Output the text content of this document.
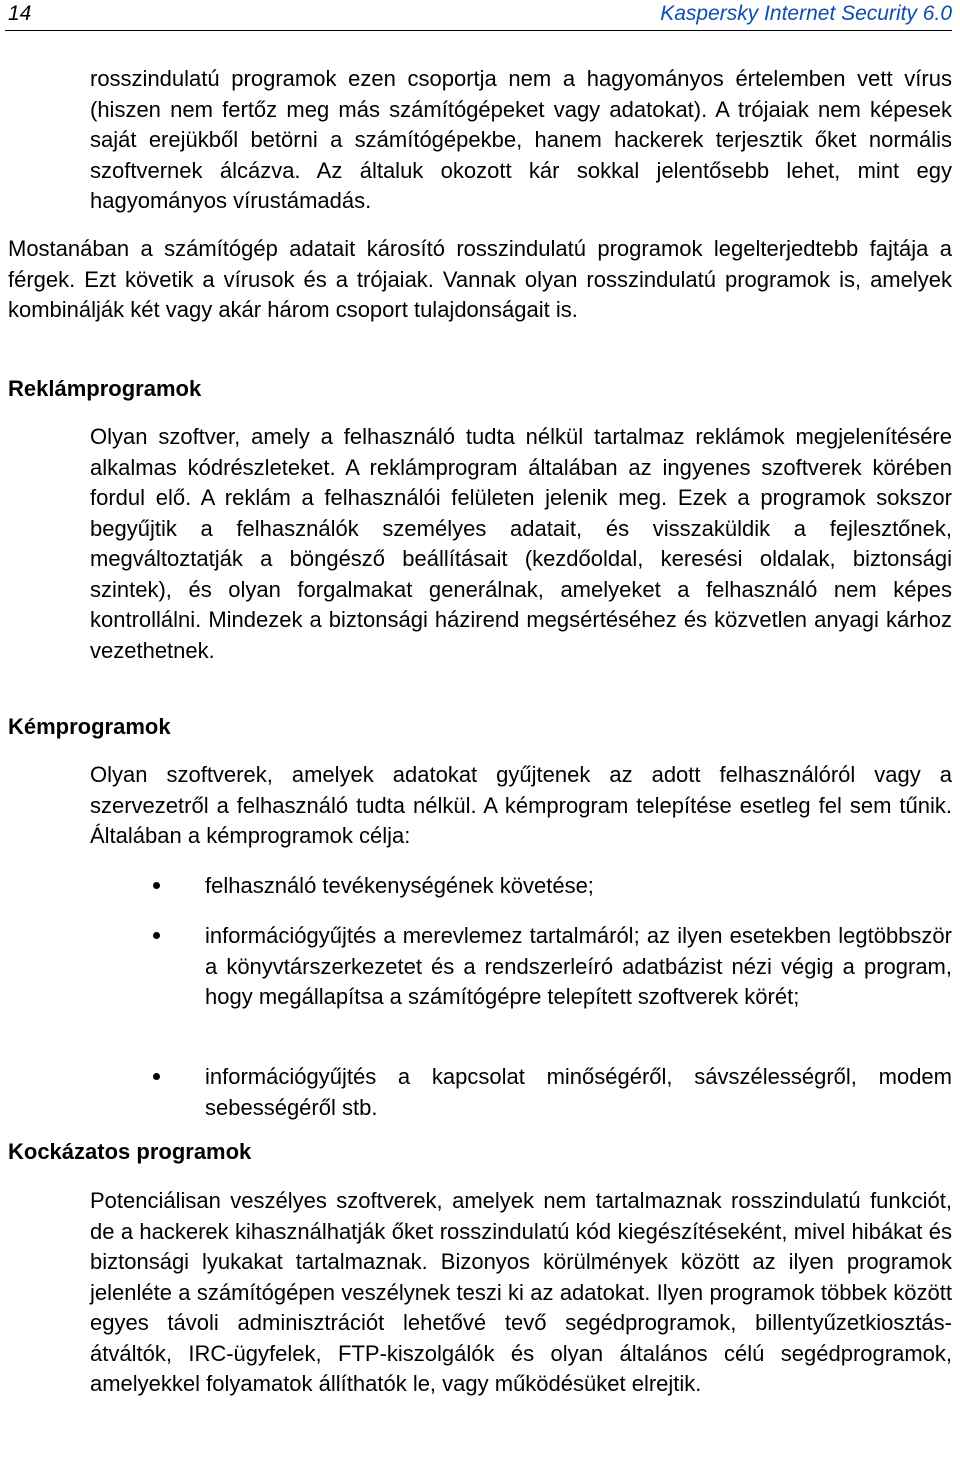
14	Kaspersky Internet Security 6.0

rosszindulatú programok ezen csoportja nem a hagyományos értelemben vett vírus (hiszen nem fertőz meg más számítógépeket vagy adatokat). A trójaiak nem képesek saját erejükből betörni a számítógépekbe, hanem hackerek terjesztik őket normális szoftvernek álcázva. Az általuk okozott kár sokkal jelentősebb lehet, mint egy hagyományos vírustámadás.

Mostanában a számítógép adatait károsító rosszindulatú programok legelterjedtebb fajtája a férgek. Ezt követik a vírusok és a trójaiak. Vannak olyan rosszindulatú programok is, amelyek kombinálják két vagy akár három csoport tulajdonságait is.

Reklámprogramok

Olyan szoftver, amely a felhasználó tudta nélkül tartalmaz reklámok megjelenítésére alkalmas kódrészleteket. A reklámprogram általában az ingyenes szoftverek körében fordul elő. A reklám a felhasználói felületen jelenik meg. Ezek a programok sokszor begyűjtik a felhasználók személyes adatait, és visszaküldik a fejlesztőnek, megváltoztatják a böngésző beállításait (kezdőoldal, keresési oldalak, biztonsági szintek), és olyan forgalmakat generálnak, amelyeket a felhasználó nem képes kontrollálni. Mindezek a biztonsági házirend megsértéséhez és közvetlen anyagi kárhoz vezethetnek.

Kémprogramok

Olyan szoftverek, amelyek adatokat gyűjtenek az adott felhasználóról vagy a szervezetről a felhasználó tudta nélkül. A kémprogram telepítése esetleg fel sem tűnik. Általában a kémprogramok célja:

felhasználó tevékenységének követése;

információgyűjtés a merevlemez tartalmáról; az ilyen esetekben legtöbbször a könyvtárszerkezetet és a rendszerleíró adatbázist nézi végig a program, hogy megállapítsa a számítógépre telepített szoftverek körét;

információgyűjtés a kapcsolat minőségéről, sávszélességről, modem sebességéről stb.

Kockázatos programok

Potenciálisan veszélyes szoftverek, amelyek nem tartalmaznak rosszindulatú funkciót, de a hackerek kihasználhatják őket rosszindulatú kód kiegészítéseként, mivel hibákat és biztonsági lyukakat tartalmaznak. Bizonyos körülmények között az ilyen programok jelenléte a számítógépen veszélynek teszi ki az adatokat. Ilyen programok többek között egyes távoli adminisztrációt lehetővé tevő segédprogramok, billentyűzetkiosztás-átváltók, IRC-ügyfelek, FTP-kiszolgálók és olyan általános célú segédprogramok, amelyekkel folyamatok állíthatók le, vagy működésüket elrejtik.
